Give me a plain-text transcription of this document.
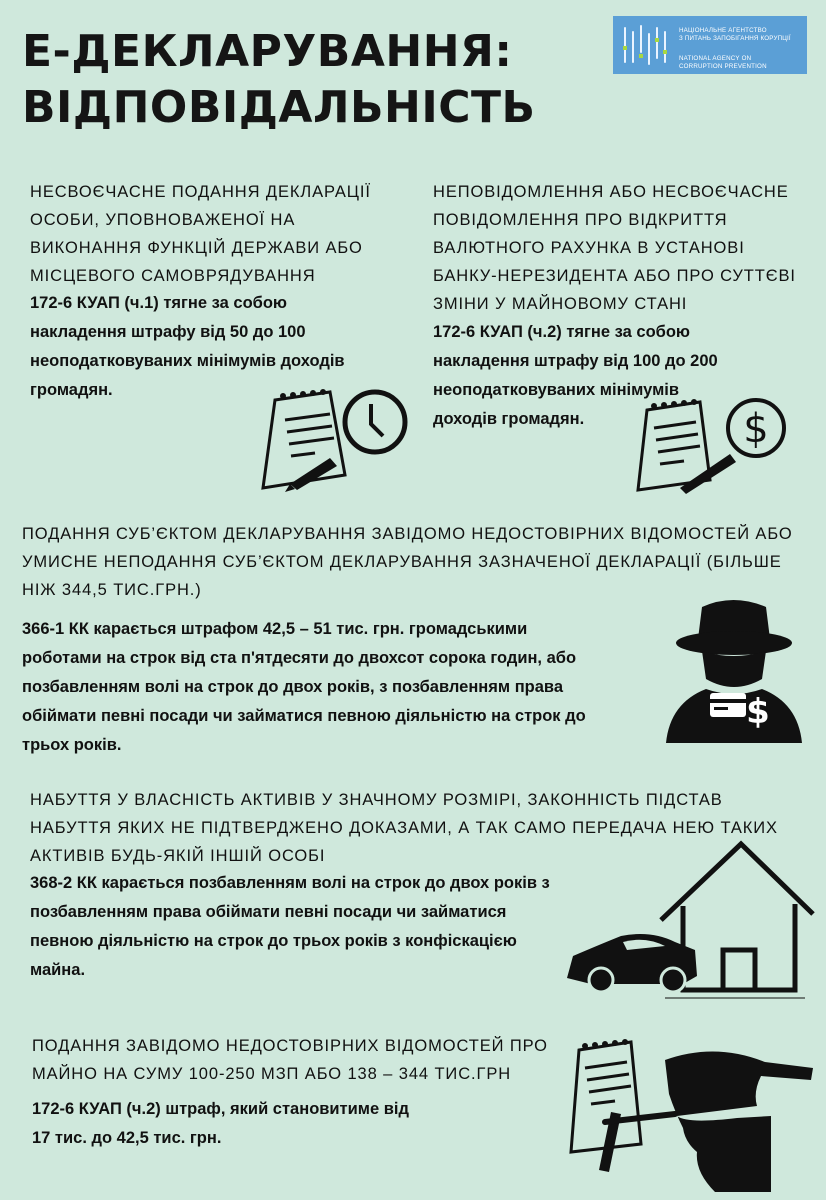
Е-ДЕКЛАРУВАННЯ:
ВІДПОВІДАЛЬНІСТЬ
НАЦІОНАЛЬНЕ АГЕНТСТВО
З ПИТАНЬ ЗАПОБІГАННЯ КОРУПЦІЇ
NATIONAL AGENCY ON
CORRUPTION PREVENTION
НЕСВОЄЧАСНЕ ПОДАННЯ ДЕКЛАРАЦІЇ
ОСОБИ, УПОВНОВАЖЕНОЇ НА
ВИКОНАННЯ ФУНКЦІЙ ДЕРЖАВИ АБО
МІСЦЕВОГО САМОВРЯДУВАННЯ
172-6 КУАП (ч.1) тягне за собою
накладення штрафу від 50 до 100
неоподатковуваних мінімумів доходів
громадян.
НЕПОВІДОМЛЕННЯ АБО НЕСВОЄЧАСНЕ
ПОВІДОМЛЕННЯ ПРО ВІДКРИТТЯ
ВАЛЮТНОГО РАХУНКА В УСТАНОВІ
БАНКУ-НЕРЕЗИДЕНТА АБО ПРО СУТТЄВІ
ЗМІНИ У МАЙНОВОМУ СТАНІ
172-6 КУАП (ч.2) тягне за собою
накладення штрафу від 100 до 200
неоподатковуваних мінімумів
доходів громадян.	$
ПОДАННЯ СУБ’ЄКТОМ ДЕКЛАРУВАННЯ ЗАВІДОМО НЕДОСТОВІРНИХ ВІДОМОСТЕЙ АБО
УМИСНЕ НЕПОДАННЯ СУБ’ЄКТОМ ДЕКЛАРУВАННЯ ЗАЗНАЧЕНОЇ ДЕКЛАРАЦІЇ (БІЛЬШЕ
НІЖ 344,5 ТИС.ГРН.)
366-1 КК карається штрафом 42,5 – 51 тис. грн. громадськими
роботами на строк від ста п'ятдесяти до двохсот сорока годин, або
позбавленням волі на строк до двох років, з позбавленням права
обіймати певні посади чи займатися певною діяльністю на строк до
трьох років.
$
НАБУТТЯ У ВЛАСНІСТЬ АКТИВІВ У ЗНАЧНОМУ РОЗМІРІ, ЗАКОННІСТЬ ПІДСТАВ
НАБУТТЯ ЯКИХ НЕ ПІДТВЕРДЖЕНО ДОКАЗАМИ, А ТАК САМО ПЕРЕДАЧА НЕЮ ТАКИХ
АКТИВІВ БУДЬ-ЯКІЙ ІНШІЙ ОСОБІ
368-2 КК карається позбавленням волі на строк до двох років з
позбавленням права обіймати певні посади чи займатися
певною діяльністю на строк до трьох років з конфіскацією
майна.
ПОДАННЯ ЗАВІДОМО НЕДОСТОВІРНИХ ВІДОМОСТЕЙ ПРО
МАЙНО НА СУМУ 100-250 МЗП АБО 138 – 344 ТИС.ГРН
172-6 КУАП (ч.2) штраф, який становитиме від
17 тис. до 42,5 тис. грн.
